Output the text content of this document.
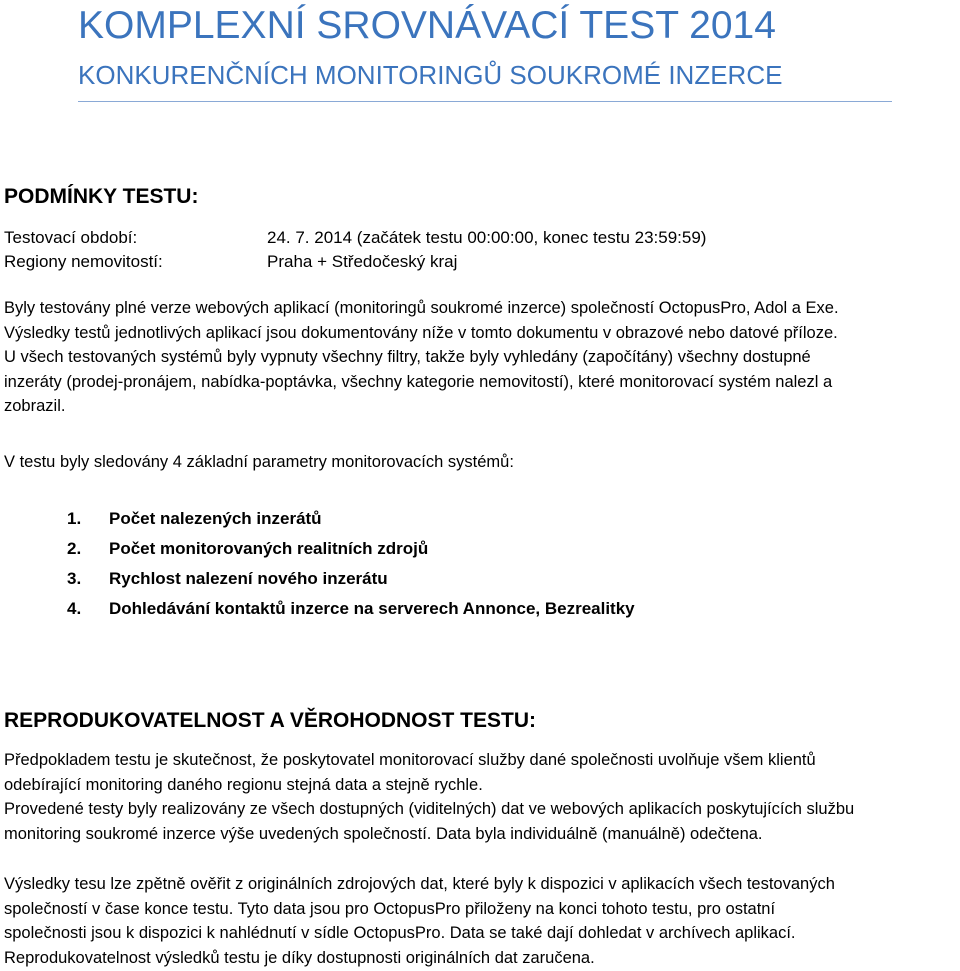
KOMPLEXNÍ SROVNÁVACÍ TEST 2014
KONKURENČNÍCH MONITORINGŮ SOUKROMÉ INZERCE
PODMÍNKY TESTU:
Testovací období:	24. 7. 2014 (začátek testu 00:00:00, konec testu 23:59:59)
Regiony nemovitostí:	Praha + Středočeský kraj

Byly testovány plné verze webových aplikací (monitoringů soukromé inzerce) společností OctopusPro, Adol a Exe.
Výsledky testů jednotlivých aplikací jsou dokumentovány níže v tomto dokumentu v obrazové nebo datové příloze.
U všech testovaných systémů byly vypnuty všechny filtry, takže byly vyhledány (započítány) všechny dostupné
inzeráty (prodej-pronájem, nabídka-poptávka, všechny kategorie nemovitostí), které monitorovací systém nalezl a
zobrazil.

V testu byly sledovány 4 základní parametry monitorovacích systémů:

1. Počet nalezených inzerátů
2. Počet monitorovaných realitních zdrojů
3. Rychlost nalezení nového inzerátu
4. Dohledávání kontaktů inzerce na serverech Annonce, Bezrealitky
REPRODUKOVATELNOST A VĚROHODNOST TESTU:

Předpokladem testu je skutečnost, že poskytovatel monitorovací služby dané společnosti uvolňuje všem klientů
odebírající monitoring daného regionu stejná data a stejně rychle.
Provedené testy byly realizovány ze všech dostupných (viditelných) dat ve webových aplikacích poskytujících službu
monitoring soukromé inzerce výše uvedených společností. Data byla individuálně (manuálně) odečtena.

Výsledky tesu lze zpětně ověřit z originálních zdrojových dat, které byly k dispozici v aplikacích všech testovaných
společností v čase konce testu. Tyto data jsou pro OctopusPro přiloženy na konci tohoto testu, pro ostatní
společnosti jsou k dispozici k nahlédnutí v sídle OctopusPro. Data se také dají dohledat v archívech aplikací.
Reprodukovatelnost výsledků testu je díky dostupnosti originálních dat zaručena.
